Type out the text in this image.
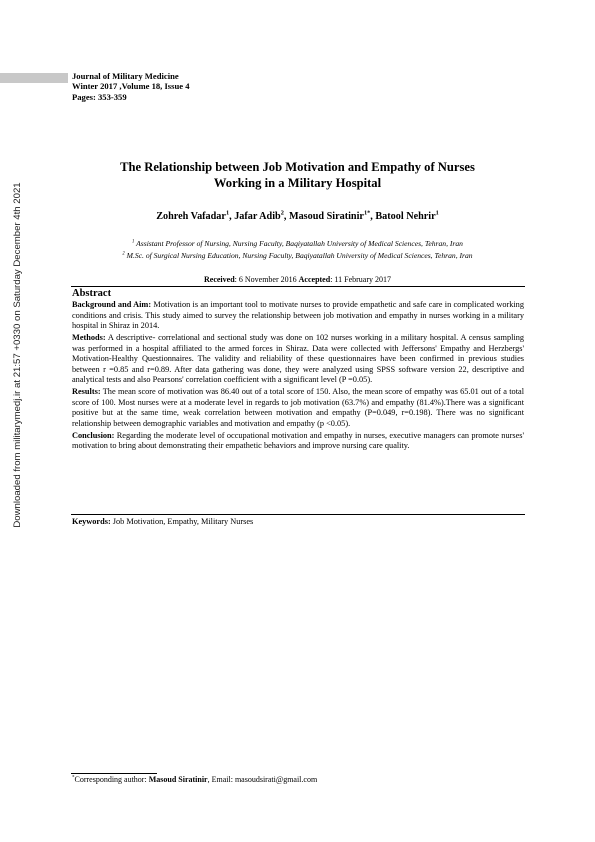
Journal of Military Medicine
Winter 2017 ,Volume 18, Issue 4
Pages: 353-359
Downloaded from militarymedj.ir at 21:57 +0330 on Saturday December 4th 2021
The Relationship between Job Motivation and Empathy of Nurses
Working in a Military Hospital
Zohreh Vafadar$^1$, Jafar Adib$^2$, Masoud Siratinir$^{1*}$, Batool Nehrir$^1$
$^1$ Assistant Professor of Nursing, Nursing Faculty, Baqiyatallah University of Medical Sciences, Tehran, Iran
$^2$ M.Sc. of Surgical Nursing Education, Nursing Faculty, Baqiyatallah University of Medical Sciences, Tehran, Iran
Received: 6 November 2016 Accepted: 11 February 2017
Abstract

Background and Aim: Motivation is an important tool to motivate nurses to provide empathetic and safe care in complicated working conditions and crisis. This study aimed to survey the relationship between job motivation and empathy in nurses working in a military hospital in Shiraz in 2014.

Methods: A descriptive- correlational and sectional study was done on 102 nurses working in a military hospital. A census sampling was performed in a hospital affiliated to the armed forces in Shiraz. Data were collected with Jeffersons' Empathy and Herzbergs' Motivation-Healthy Questionnaires. The validity and reliability of these questionnaires have been confirmed in previous studies between r =0.85 and r=0.89. After data gathering was done, they were analyzed using SPSS software version 22, descriptive and analytical tests and also Pearsons' correlation coefficient with a significant level (P =0.05).

Results: The mean score of motivation was 86.40 out of a total score of 150. Also, the mean score of empathy was 65.01 out of a total score of 100. Most nurses were at a moderate level in regards to job motivation (63.7%) and empathy (81.4%).There was a significant positive but at the same time, weak correlation between motivation and empathy (P=0.049, r=0.198). There was no significant relationship between demographic variables and motivation and empathy (p <0.05).

Conclusion: Regarding the moderate level of occupational motivation and empathy in nurses, executive managers can promote nurses' motivation to bring about demonstrating their empathetic behaviors and improve nursing care quality.

Keywords: Job Motivation, Empathy, Military Nurses
*Corresponding author: Masoud Siratinir, Email: masoudsirati@gmail.com
